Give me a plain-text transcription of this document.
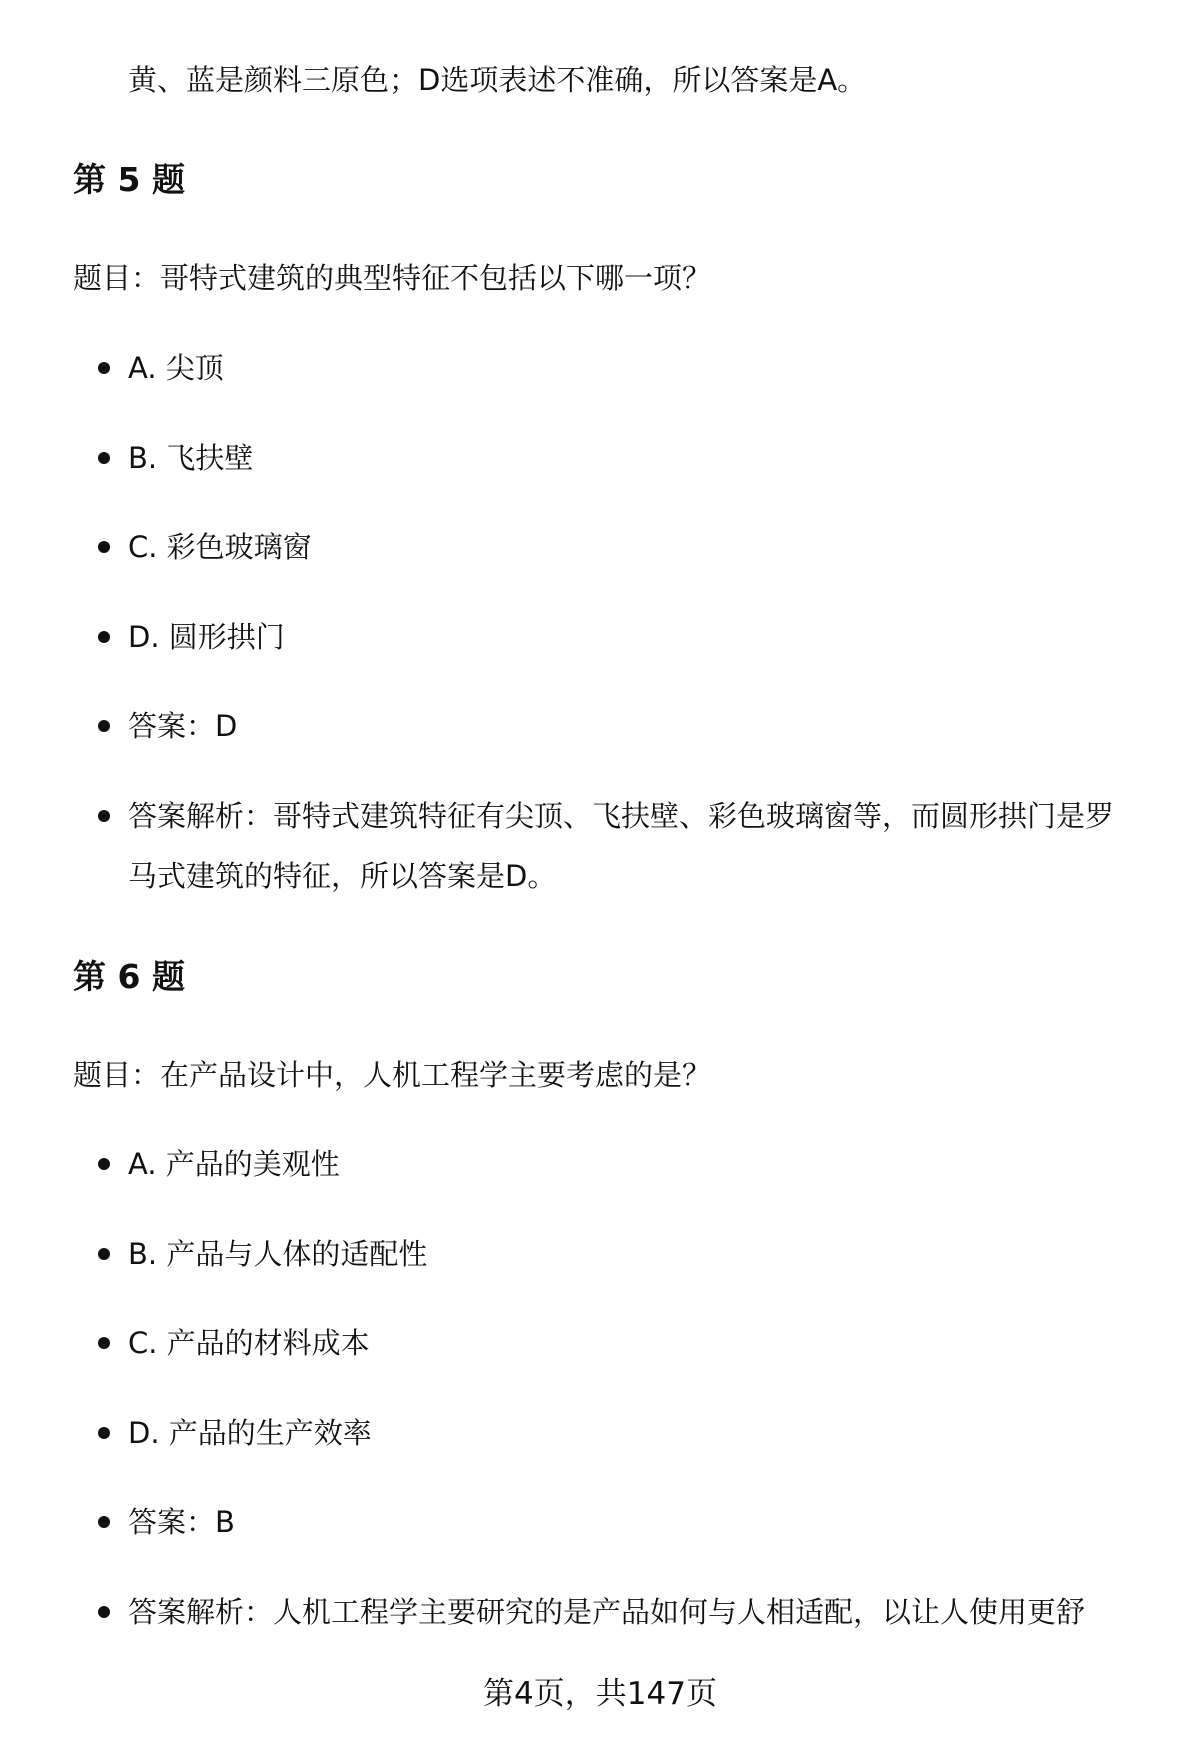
黄、蓝是颜料三原色；D选项表述不准确，所以答案是A。
第 5 题
题目：哥特式建筑的典型特征不包括以下哪一项？
A. 尖顶
B. 飞扶壁
C. 彩色玻璃窗
D. 圆形拱门
答案：D
答案解析：哥特式建筑特征有尖顶、飞扶壁、彩色玻璃窗等，而圆形拱门是罗
马式建筑的特征，所以答案是D。
第 6 题
题目：在产品设计中，人机工程学主要考虑的是？
A. 产品的美观性
B. 产品与人体的适配性
C. 产品的材料成本
D. 产品的生产效率
答案：B
答案解析：人机工程学主要研究的是产品如何与人相适配，以让人使用更舒
第4页，共147页
